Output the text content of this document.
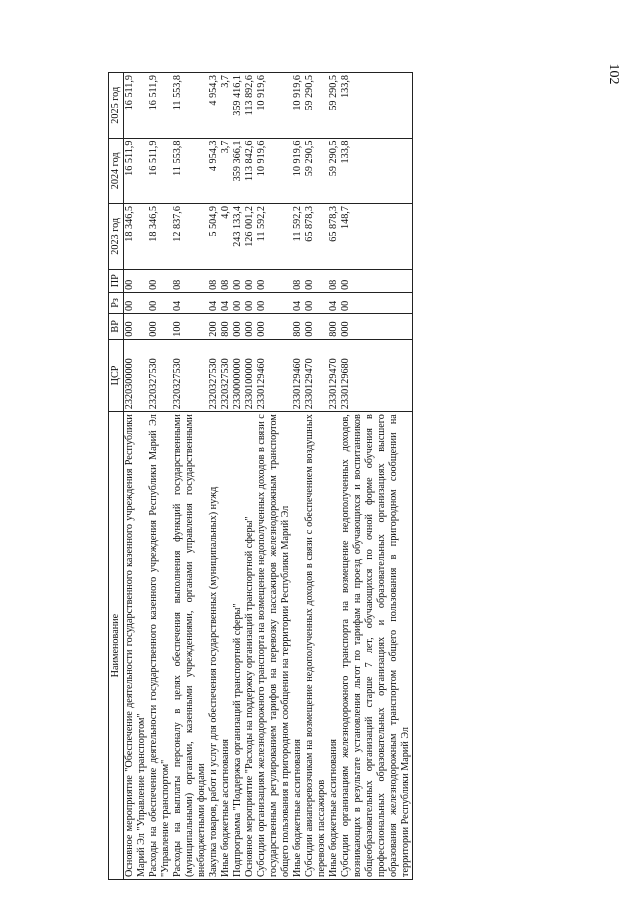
102
Наименование	ЦСР	ВР	Рз	ПР	2023 год	2024 год	2025 год
Основное мероприятие "Обеспечение деятельности государственного казенного учреждения Республики Марий Эл "Управление транспортом"	2320300000	000	00	00	18 346,5	16 511,9	16 511,9
Расходы на обеспечение деятельности государственного казенного учреждения Республики Марий Эл "Управление транспортом"	2320327530	000	00	00	18 346,5	16 511,9	16 511,9
Расходы на выплаты персоналу в целях обеспечения выполнения функций государственными (муниципальными) органами, казенными учреждениями, органами управления государственными внебюджетными фондами	2320327530	100	04	08	12 837,6	11 553,8	11 553,8
Закупка товаров, работ и услуг для обеспечения государственных (муниципальных) нужд	2320327530	200	04	08	5 504,9	4 954,3	4 954,3
Иные бюджетные ассигнования	2320327530	800	04	08	4,0	3,7	3,7
Подпрограмма "Поддержка организаций транспортной сферы"	2330000000	000	00	00	243 133,4	359 366,1	359 416,1
Основное мероприятие "Расходы на поддержку организаций транспортной сферы"	2330100000	000	00	00	126 001,2	113 842,6	113 892,6
Субсидии организациям железнодорожного транспорта на возмещение недополученных доходов в связи с государственным регулированием тарифов на перевозку пассажиров железнодорожным транспортом общего пользования в пригородном сообщении на территории Республики Марий Эл	2330129460	000	00	00	11 592,2	10 919,6	10 919,6
Иные бюджетные ассигнования	2330129460	800	04	08	11 592,2	10 919,6	10 919,6
Субсидии авиаперевозчикам на возмещение недополученных доходов в связи с обеспечением воздушных перевозок пассажиров	2330129470	000	00	00	65 878,3	59 290,5	59 290,5
Иные бюджетные ассигнования	2330129470	800	04	08	65 878,3	59 290,5	59 290,5
Субсидии организациям железнодорожного транспорта на возмещение недополученных доходов, возникающих в результате установления льгот по тарифам на проезд обучающихся и воспитанников общеобразовательных организаций старше 7 лет, обучающихся по очной форме обучения в профессиональных образовательных организациях и образовательных организациях высшего образования железнодорожным транспортом общего пользования в пригородном сообщении на территории Республики Марий Эл	2330129680	000	00	00	148,7	133,8	133,8
